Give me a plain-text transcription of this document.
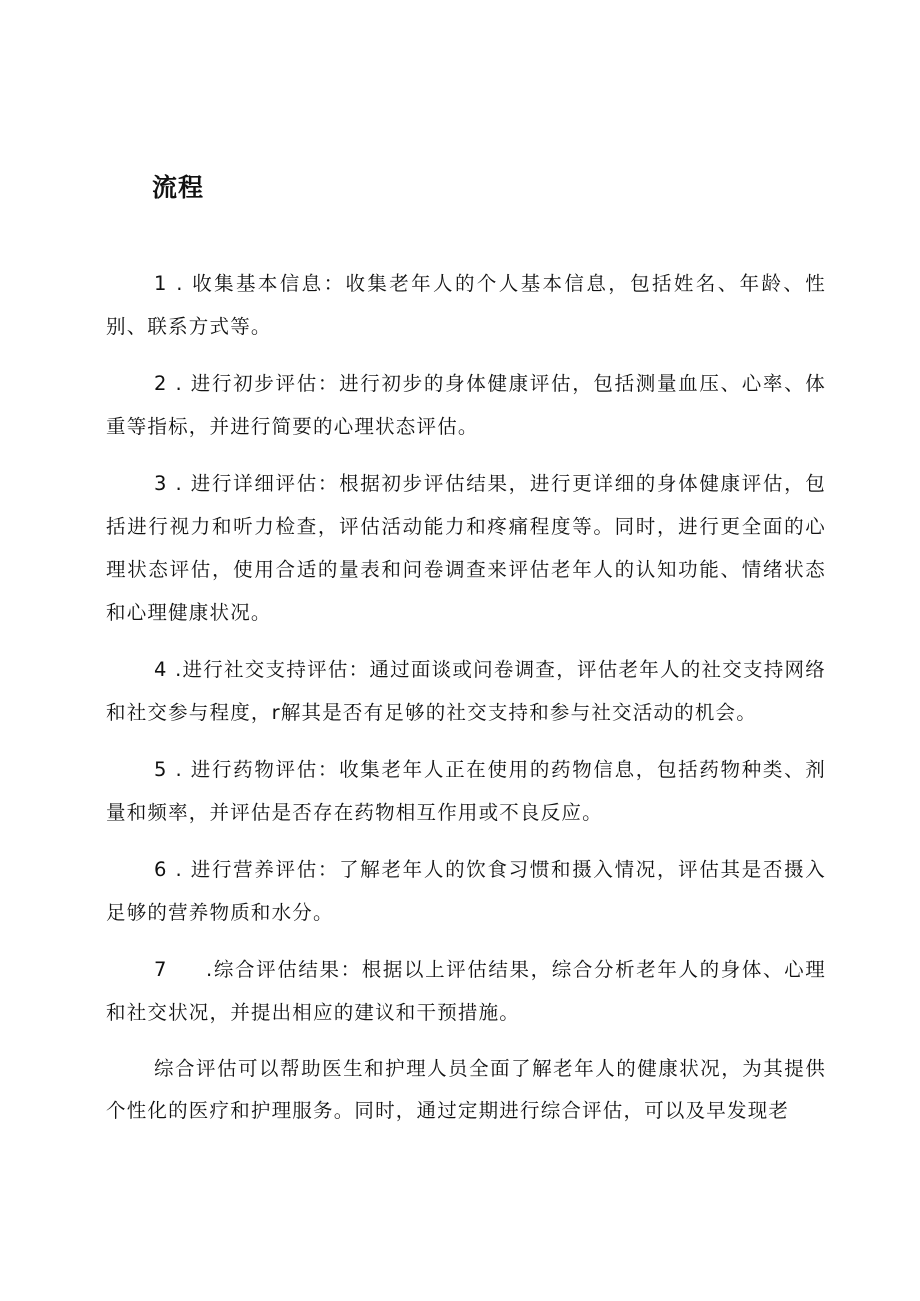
流程

1 . 收集基本信息：收集老年人的个人基本信息，包括姓名、年龄、性别、联系方式等。

2 . 进行初步评估：进行初步的身体健康评估，包括测量血压、心率、体重等指标，并进行简要的心理状态评估。

3 . 进行详细评估：根据初步评估结果，进行更详细的身体健康评估，包括进行视力和听力检查，评估活动能力和疼痛程度等。同时，进行更全面的心理状态评估，使用合适的量表和问卷调查来评估老年人的认知功能、情绪状态和心理健康状况。

4 .进行社交支持评估：通过面谈或问卷调查，评估老年人的社交支持网络和社交参与程度，r解其是否有足够的社交支持和参与社交活动的机会。

5 . 进行药物评估：收集老年人正在使用的药物信息，包括药物种类、剂量和频率，并评估是否存在药物相互作用或不良反应。

6 . 进行营养评估：了解老年人的饮食习惯和摄入情况，评估其是否摄入足够的营养物质和水分。

7 .综合评估结果：根据以上评估结果，综合分析老年人的身体、心理和社交状况，并提出相应的建议和干预措施。

综合评估可以帮助医生和护理人员全面了解老年人的健康状况，为其提供个性化的医疗和护理服务。同时，通过定期进行综合评估，可以及早发现老
